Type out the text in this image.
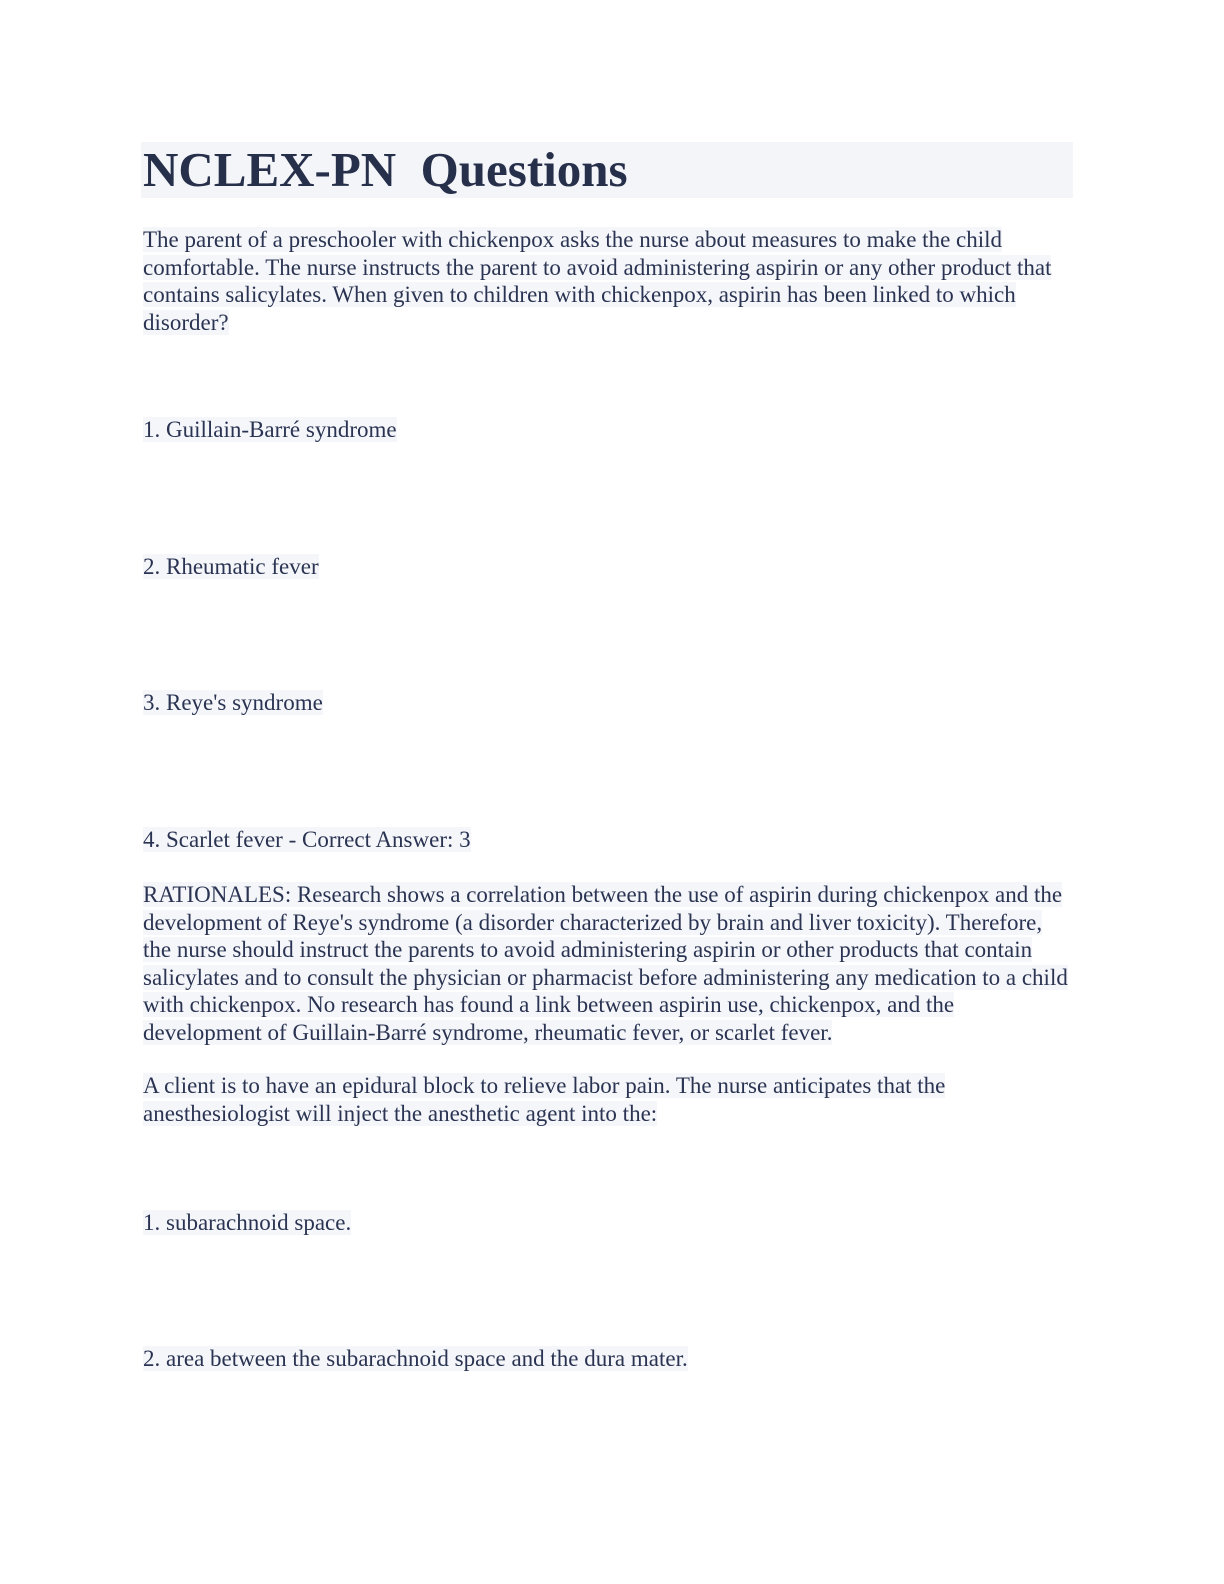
NCLEX-PN  Questions

The parent of a preschooler with chickenpox asks the nurse about measures to make the child comfortable. The nurse instructs the parent to avoid administering aspirin or any other product that contains salicylates. When given to children with chickenpox, aspirin has been linked to which disorder?

1. Guillain-Barré syndrome

2. Rheumatic fever

3. Reye's syndrome

4. Scarlet fever - Correct Answer: 3

RATIONALES: Research shows a correlation between the use of aspirin during chickenpox and the development of Reye's syndrome (a disorder characterized by brain and liver toxicity). Therefore, the nurse should instruct the parents to avoid administering aspirin or other products that contain salicylates and to consult the physician or pharmacist before administering any medication to a child with chickenpox. No research has found a link between aspirin use, chickenpox, and the development of Guillain-Barré syndrome, rheumatic fever, or scarlet fever.

A client is to have an epidural block to relieve labor pain. The nurse anticipates that the anesthesiologist will inject the anesthetic agent into the:

1. subarachnoid space.

2. area between the subarachnoid space and the dura mater.
